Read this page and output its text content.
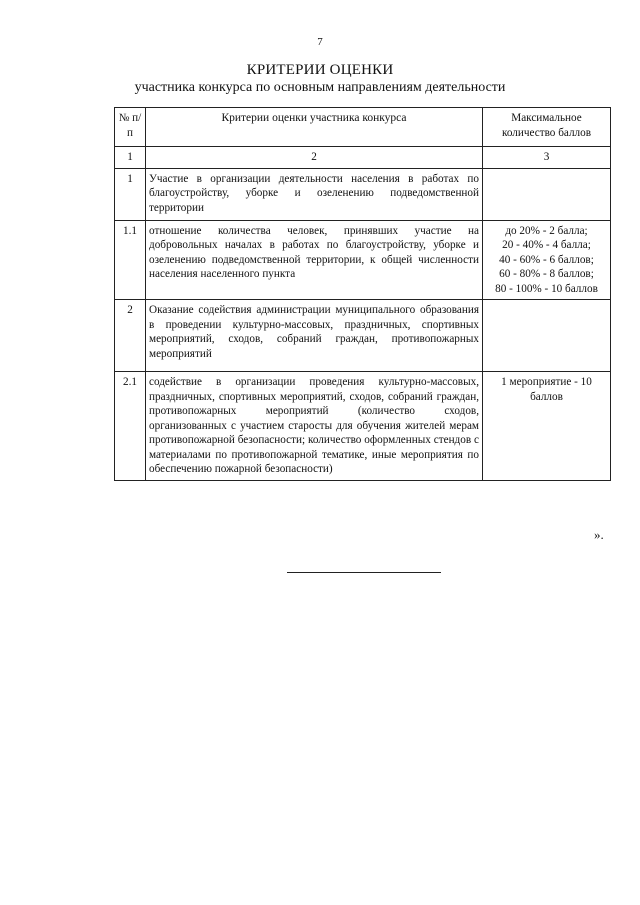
7
КРИТЕРИИ ОЦЕНКИ
участника конкурса по основным направлениям деятельности
№ п/п	Критерии оценки участника конкурса	Максимальное количество баллов
1	2	3
1	Участие в организации деятельности населения в работах по благоустройству, уборке и озеленению подведомственной территории	
1.1	отношение количества человек, принявших участие на добровольных началах в работах по благоустройству, уборке и озеленению подведомственной территории, к общей численности населения населенного пункта	до 20% - 2 балла;
20 - 40% - 4 балла;
40 - 60% - 6 баллов;
60 - 80% - 8 баллов;
80 - 100% - 10 баллов

2	Оказание содействия администрации муниципального образования в проведении культурно-массовых, праздничных, спортивных мероприятий, сходов, собраний граждан, противопожарных мероприятий	
2.1	содействие в организации проведения культурно-массовых, праздничных, спортивных мероприятий, сходов, собраний граждан, противопожарных мероприятий (количество сходов, организованных с участием старосты для обучения жителей мерам противопожарной безопасности; количество оформленных стендов с материалами по противопожарной тематике, иные мероприятия по обеспечению пожарной безопасности)	1 мероприятие - 10 баллов
».
